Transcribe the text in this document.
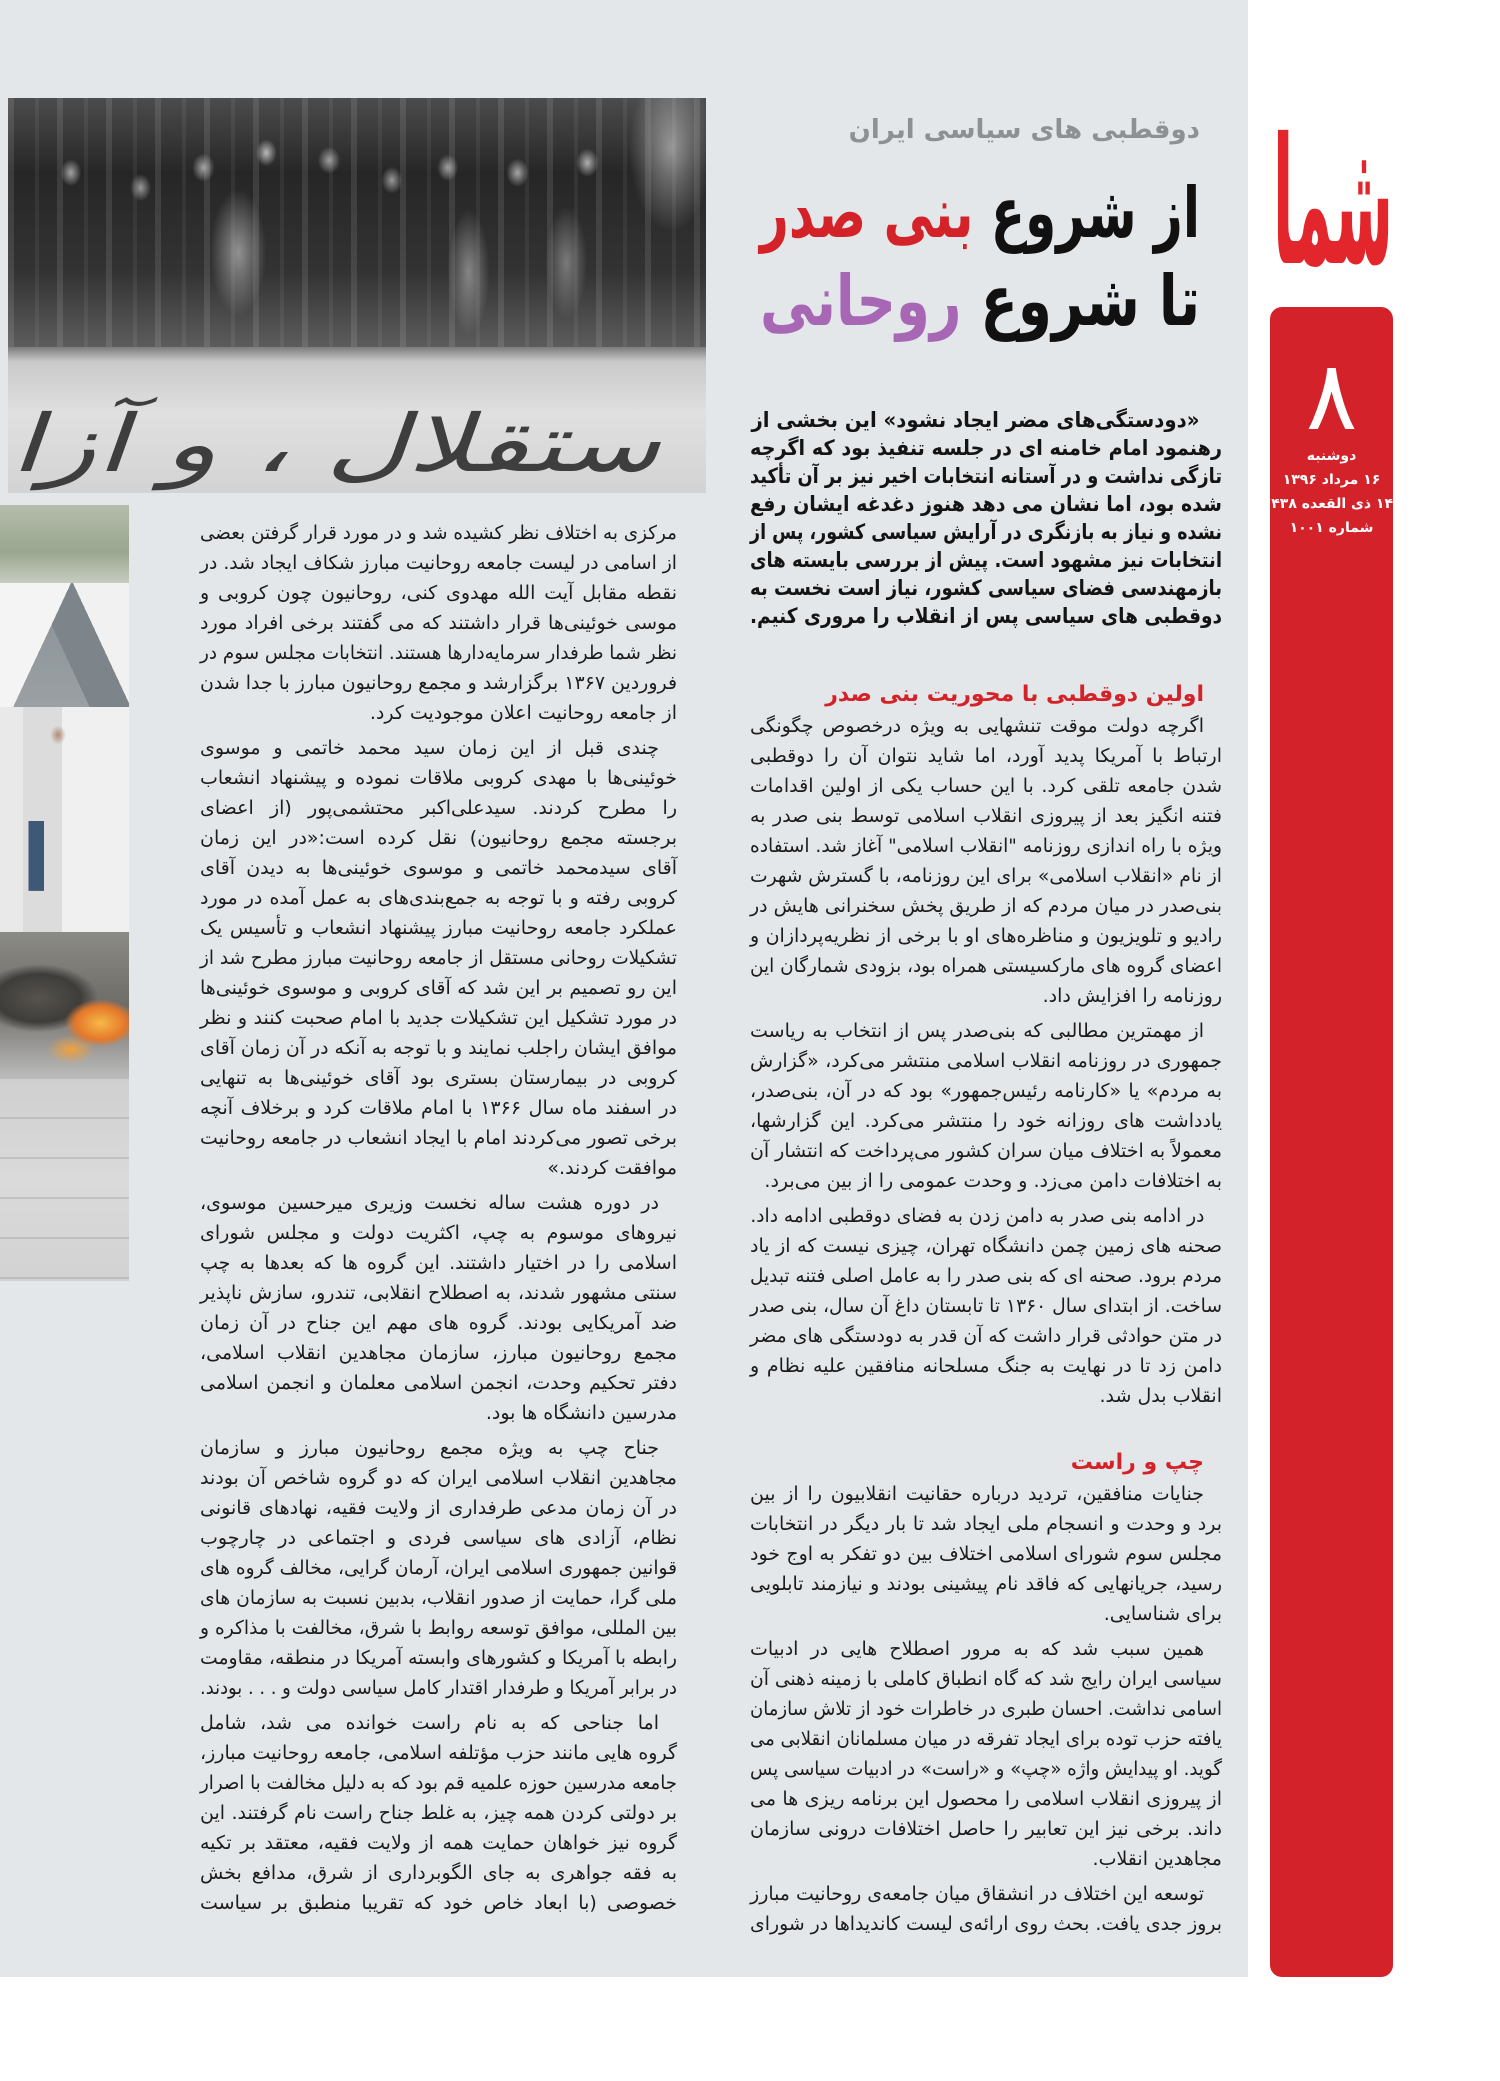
ستقلال ، و آزا
دوقطبی های سیاسی ایران
از شروع بنی صدر
تا شروع روحانی
«دودستگی‌های مضر ایجاد نشود» این بخشی از
رهنمود امام خامنه ای در جلسه تنفیذ بود که اگرچه
تازگی نداشت و در آستانه انتخابات اخیر نیز بر آن تأکید
شده بود، اما نشان می دهد هنوز دغدغه ایشان رفع
نشده و نیاز به بازنگری در آرایش سیاسی کشور، پس از
انتخابات نیز مشهود است. پیش از بررسی بایسته های
بازمهندسی فضای سیاسی کشور، نیاز است نخست به
دوقطبی های سیاسی پس از انقلاب را مروری کنیم.
اولین دوقطبی با محوریت بنی صدر
اگرچه دولت موقت تنشهایی به ویژه درخصوص چگونگی
ارتباط با آمریکا پدید آورد، اما شاید نتوان آن را دوقطبی
شدن جامعه تلقی کرد. با این حساب یکی از اولین اقدامات
فتنه انگیز بعد از پیروزی انقلاب اسلامی توسط بنی صدر به
ویژه با راه اندازی روزنامه "انقلاب اسلامی" آغاز شد. استفاده
از نام «انقلاب اسلامی» برای این روزنامه، با گسترش شهرت
بنی‌صدر در میان مردم که از طریق پخش سخنرانی هایش در
رادیو و تلویزیون و مناظره‌های او با برخی از نظریه‌پردازان و
اعضای گروه های مارکسیستی همراه بود، بزودی شمارگان این
روزنامه را افزایش داد.
از مهمترین مطالبی که بنی‌صدر پس از انتخاب به ریاست
جمهوری در روزنامه انقلاب اسلامی منتشر می‌کرد، «گزارش
به مردم» یا «کارنامه رئیس‌جمهور» بود که در آن، بنی‌صدر،
یادداشت های روزانه خود را منتشر می‌کرد. این گزارشها،
معمولاً به اختلاف میان سران کشور می‌پرداخت که انتشار آن
به اختلافات دامن می‌زد. و وحدت عمومی را از بین می‌برد.
در ادامه بنی صدر به دامن زدن به فضای دوقطبی ادامه داد.
صحنه های زمین چمن دانشگاه تهران، چیزی نیست که از یاد
مردم برود. صحنه ای که بنی صدر را به عامل اصلی فتنه تبدیل
ساخت. از ابتدای سال ۱۳۶۰ تا تابستان داغ آن سال، بنی صدر
در متن حوادثی قرار داشت که آن قدر به دودستگی های مضر
دامن زد تا در نهایت به جنگ مسلحانه منافقین علیه نظام و
انقلاب بدل شد.
چپ و راست
جنایات منافقین، تردید درباره حقانیت انقلابیون را از بین
برد و وحدت و انسجام ملی ایجاد شد تا بار دیگر در انتخابات
مجلس سوم شورای اسلامی اختلاف بین دو تفکر به اوج خود
رسید، جریانهایی که فاقد نام پیشینی بودند و نیازمند تابلویی
برای شناسایی.
همین سبب شد که به مرور اصطلاح هایی در ادبیات
سیاسی ایران رایج شد که گاه انطباق کاملی با زمینه ذهنی آن
اسامی نداشت. احسان طبری در خاطرات خود از تلاش سازمان
یافته حزب توده برای ایجاد تفرقه در میان مسلمانان انقلابی می
گوید. او پیدایش واژه «چپ» و «راست» در ادبیات سیاسی پس
از پیروزی انقلاب اسلامی را محصول این برنامه ریزی ها می
داند. برخی نیز این تعابیر را حاصل اختلافات درونی سازمان
مجاهدین انقلاب.
توسعه این اختلاف در انشقاق میان جامعه‌ی روحانیت مبارز
بروز جدی یافت. بحث روی ارائه‌ی لیست کاندیداها در شورای
مرکزی به اختلاف نظر کشیده شد و در مورد قرار گرفتن بعضی
از اسامی در لیست جامعه روحانیت مبارز شکاف ایجاد شد. در
نقطه مقابل آیت الله مهدوی کنی، روحانیون چون کروبی و
موسی خوئینی‌ها قرار داشتند که می گفتند برخی افراد مورد
نظر شما طرفدار سرمایه‌دارها هستند. انتخابات مجلس سوم در
فروردین ۱۳۶۷ برگزارشد و مجمع روحانیون مبارز با جدا شدن
از جامعه روحانیت اعلان موجودیت کرد.
چندی قبل از این زمان سید محمد خاتمی و موسوی
خوئینی‌ها با مهدی کروبی ملاقات نموده و پیشنهاد انشعاب
را مطرح کردند. سیدعلی‌اکبر محتشمی‌پور (از اعضای
برجسته مجمع روحانیون) نقل کرده است:«در این زمان
آقای سیدمحمد خاتمی و موسوی خوئینی‌ها به دیدن آقای
کروبی رفته و با توجه به جمع‌بندی‌های به عمل آمده در مورد
عملکرد جامعه روحانیت مبارز پیشنهاد انشعاب و تأسیس یک
تشکیلات روحانی مستقل از جامعه روحانیت مبارز مطرح شد از
این رو تصمیم بر این شد که آقای کروبی و موسوی خوئینی‌ها
در مورد تشکیل این تشکیلات جدید با امام صحبت کنند و نظر
موافق ایشان راجلب نمایند و با توجه به آنکه در آن زمان آقای
کروبی در بیمارستان بستری بود آقای خوئینی‌ها به تنهایی
در اسفند ماه سال ۱۳۶۶ با امام ملاقات کرد و برخلاف آنچه
برخی تصور می‌کردند امام با ایجاد انشعاب در جامعه روحانیت
موافقت کردند.»
در دوره هشت ساله نخست وزیری میرحسین موسوی،
نیروهای موسوم به چپ، اکثریت دولت و مجلس شورای
اسلامی را در اختیار داشتند. این گروه ها که بعدها به چپ
سنتی مشهور شدند، به اصطلاح انقلابی، تندرو، سازش ناپذیر
ضد آمریکایی بودند. گروه های مهم این جناح در آن زمان
مجمع روحانیون مبارز، سازمان مجاهدین انقلاب اسلامی،
دفتر تحکیم وحدت، انجمن اسلامی معلمان و انجمن اسلامی
مدرسین دانشگاه ها بود.
جناح چپ به ویژه مجمع روحانیون مبارز و سازمان
مجاهدین انقلاب اسلامی ایران که دو گروه شاخص آن بودند
در آن زمان مدعی طرفداری از ولایت فقیه، نهادهای قانونی
نظام، آزادی های سیاسی فردی و اجتماعی در چارچوب
قوانین جمهوری اسلامی ایران، آرمان گرایی، مخالف گروه های
ملی گرا، حمایت از صدور انقلاب، بدبین نسبت به سازمان های
بین المللی، موافق توسعه روابط با شرق، مخالفت با مذاکره و
رابطه با آمریکا و کشورهای وابسته آمریکا در منطقه، مقاومت
در برابر آمریکا و طرفدار اقتدار کامل سیاسی دولت و . . . بودند.
اما جناحی که به نام راست خوانده می شد، شامل
گروه هایی مانند حزب مؤتلفه اسلامی، جامعه روحانیت مبارز،
جامعه مدرسین حوزه علمیه قم بود که به دلیل مخالفت با اصرار
بر دولتی کردن همه چیز، به غلط جناح راست نام گرفتند. این
گروه نیز خواهان حمایت همه از ولایت فقیه، معتقد بر تکیه
به فقه جواهری به جای الگوبرداری از شرق، مدافع بخش
خصوصی (با ابعاد خاص خود که تقریبا منطبق بر سیاست
شما
۸
دوشنبه
۱۶ مرداد ۱۳۹۶
۱۴ ذی القعده ۱۴۳۸
شماره ۱۰۰۱
